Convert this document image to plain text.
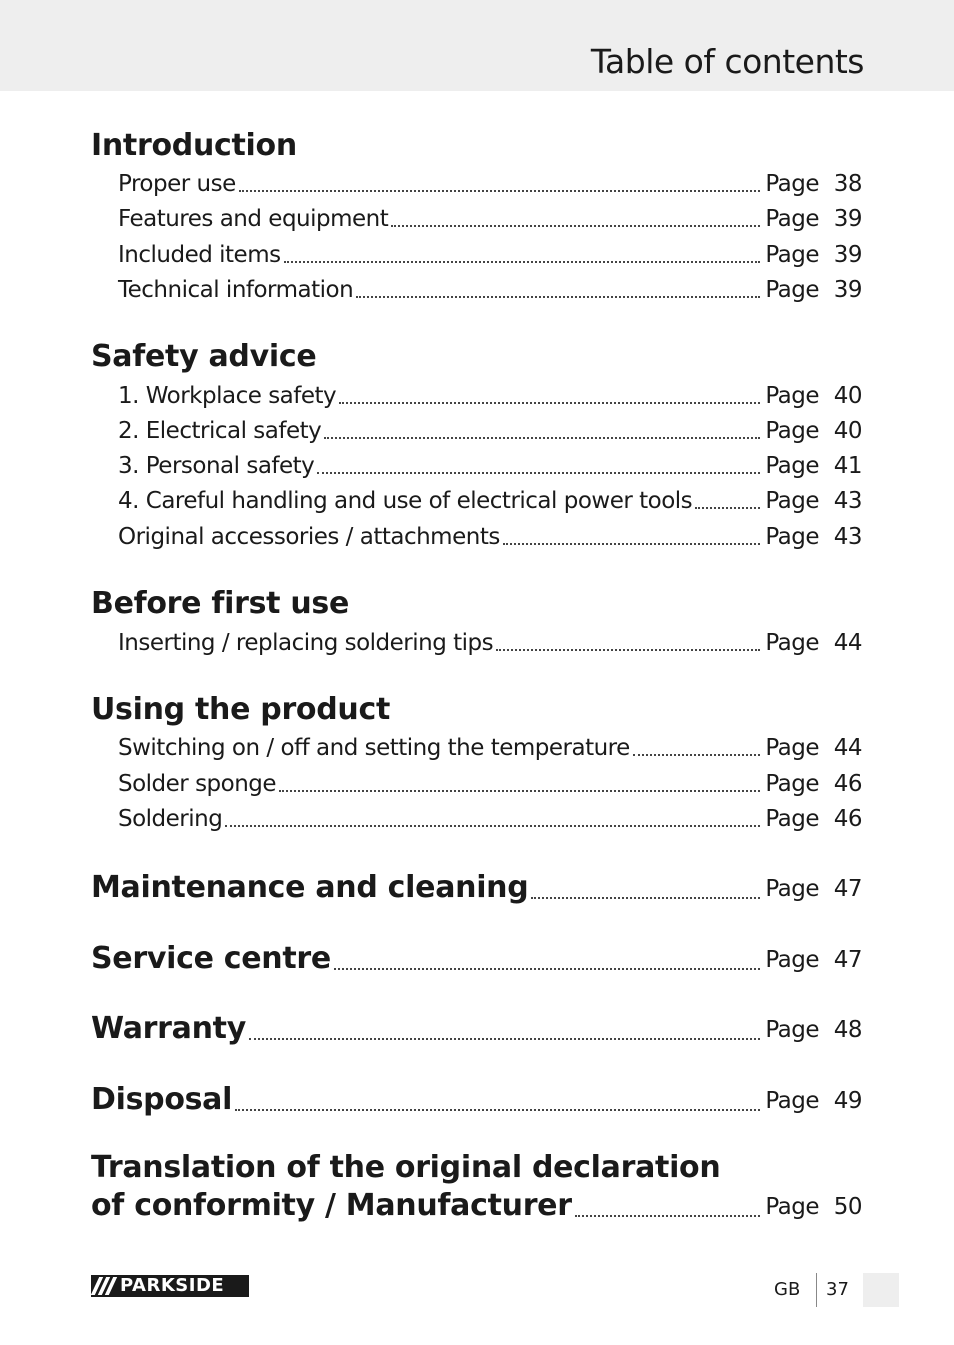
Table of contents
Introduction
Proper use	Page 38
Features and equipment	Page 39
Included items	Page 39
Technical information	Page 39
Safety advice
1. Workplace safety	Page 40
2. Electrical safety	Page 40
3. Personal safety	Page 41
4. Careful handling and use of electrical power tools	Page 43
Original accessories / attachments	Page 43
Before first use
Inserting / replacing soldering tips	Page 44
Using the product
Switching on / off and setting the temperature	Page 44
Solder sponge	Page 46
Soldering	Page 46
Maintenance and cleaning	Page 47
Service centre	Page 47
Warranty	Page 48
Disposal	Page 49
Translation of the original declaration
of conformity / Manufacturer	Page 50
PARKSIDE	GB 37
